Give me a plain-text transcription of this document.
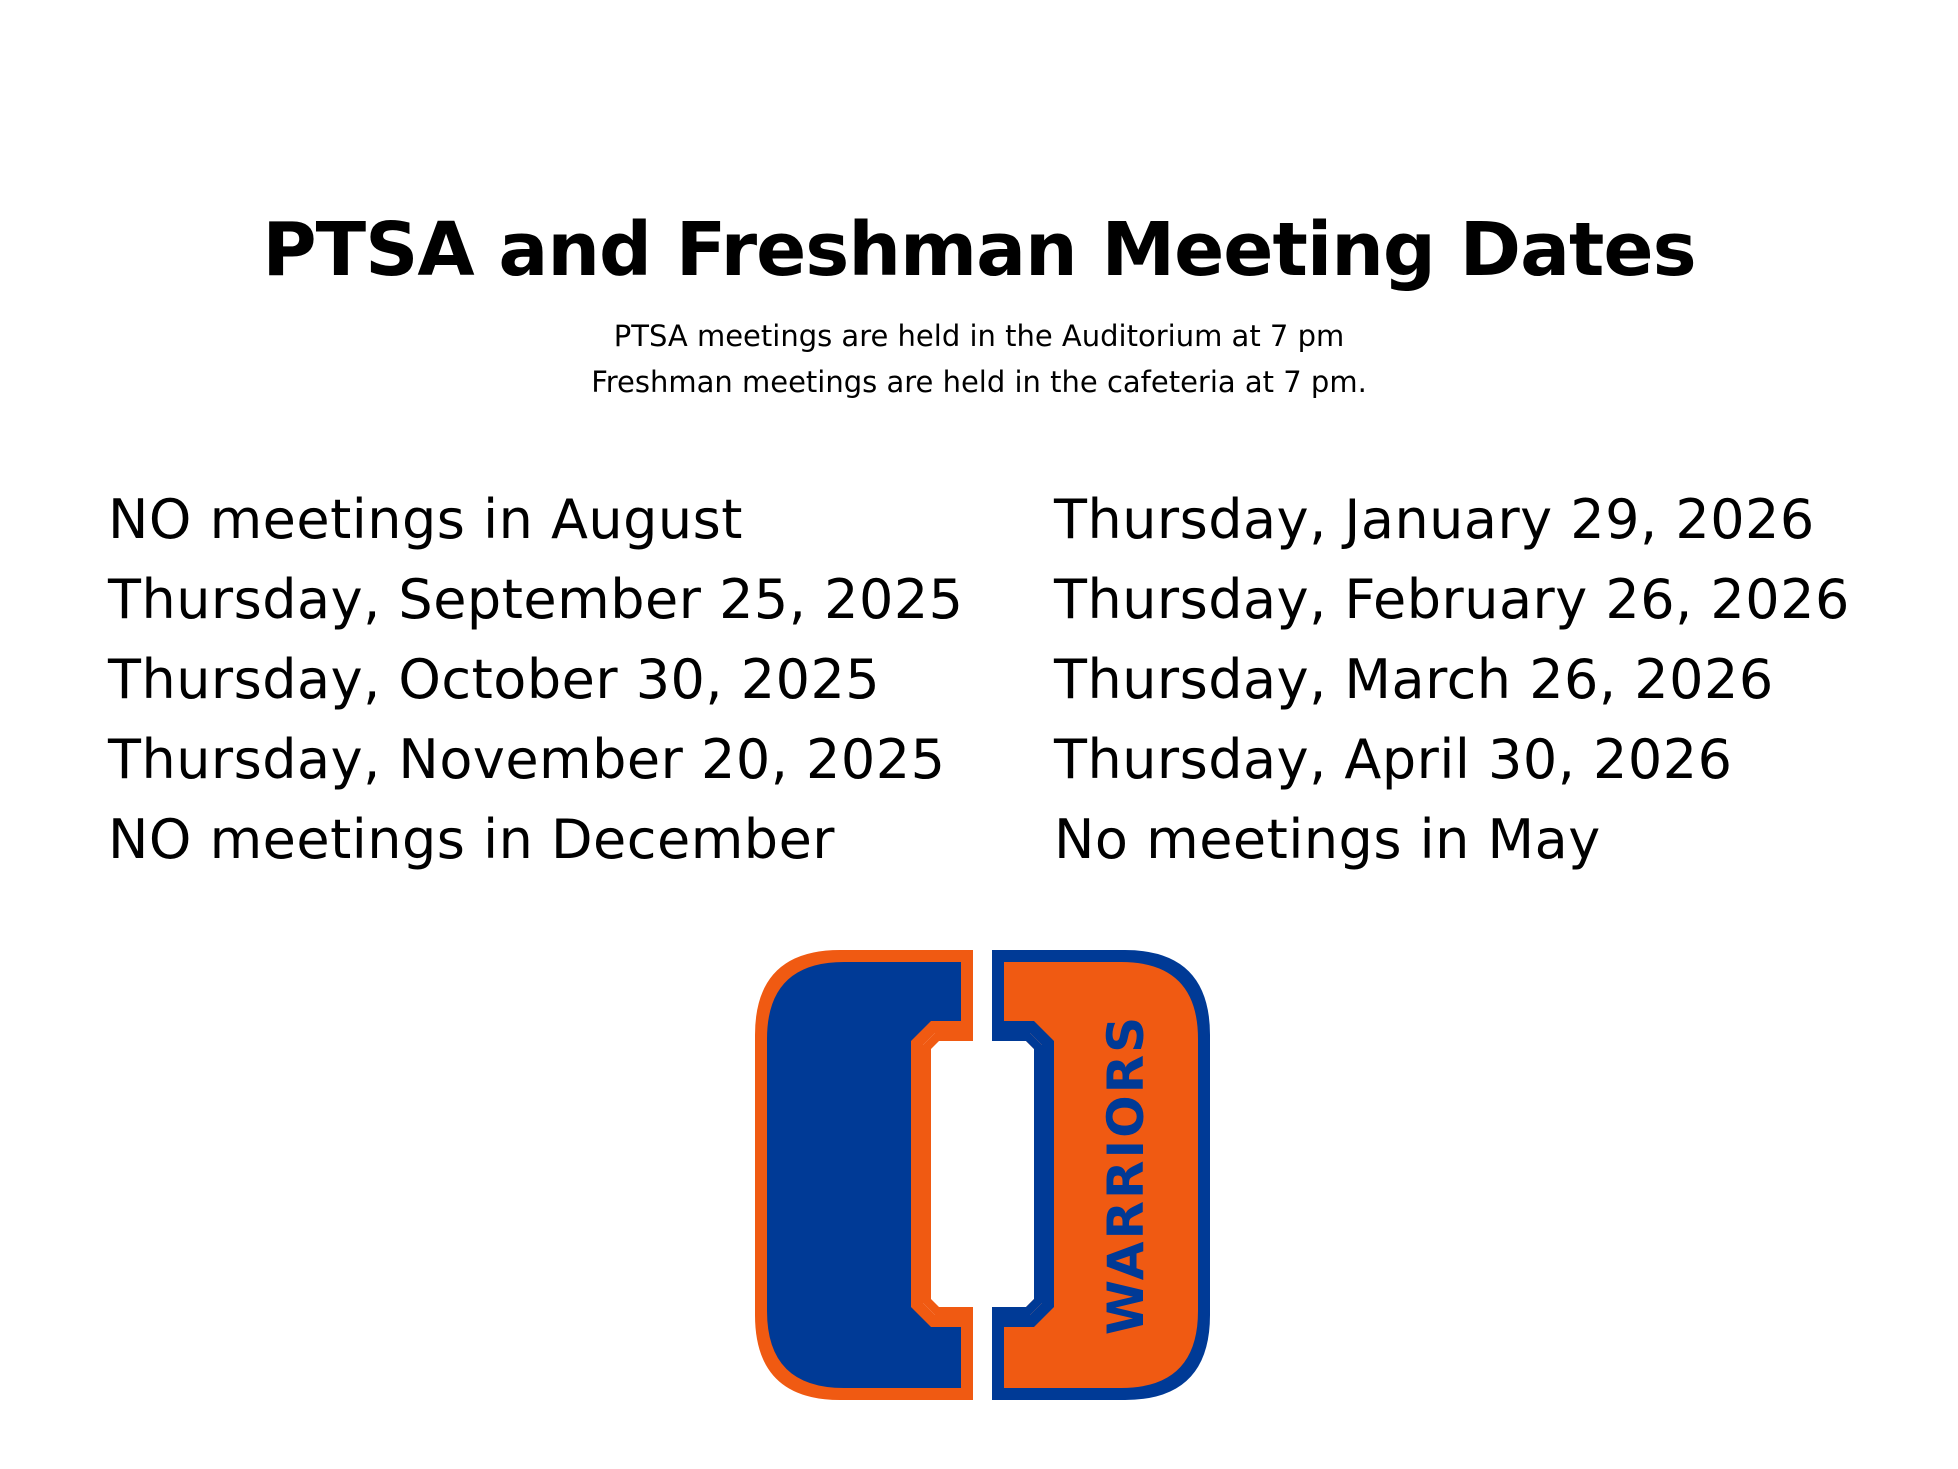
PTSA and Freshman Meeting Dates
PTSA meetings are held in the Auditorium at 7 pm
Freshman meetings are held in the cafeteria at 7 pm.
NO meetings in August
Thursday, September 25, 2025
Thursday, October 30, 2025
Thursday, November 20, 2025
NO meetings in December
Thursday, January 29, 2026
Thursday, February 26, 2026
Thursday, March 26, 2026
Thursday, April 30, 2026
No meetings in May
WARRIORS
